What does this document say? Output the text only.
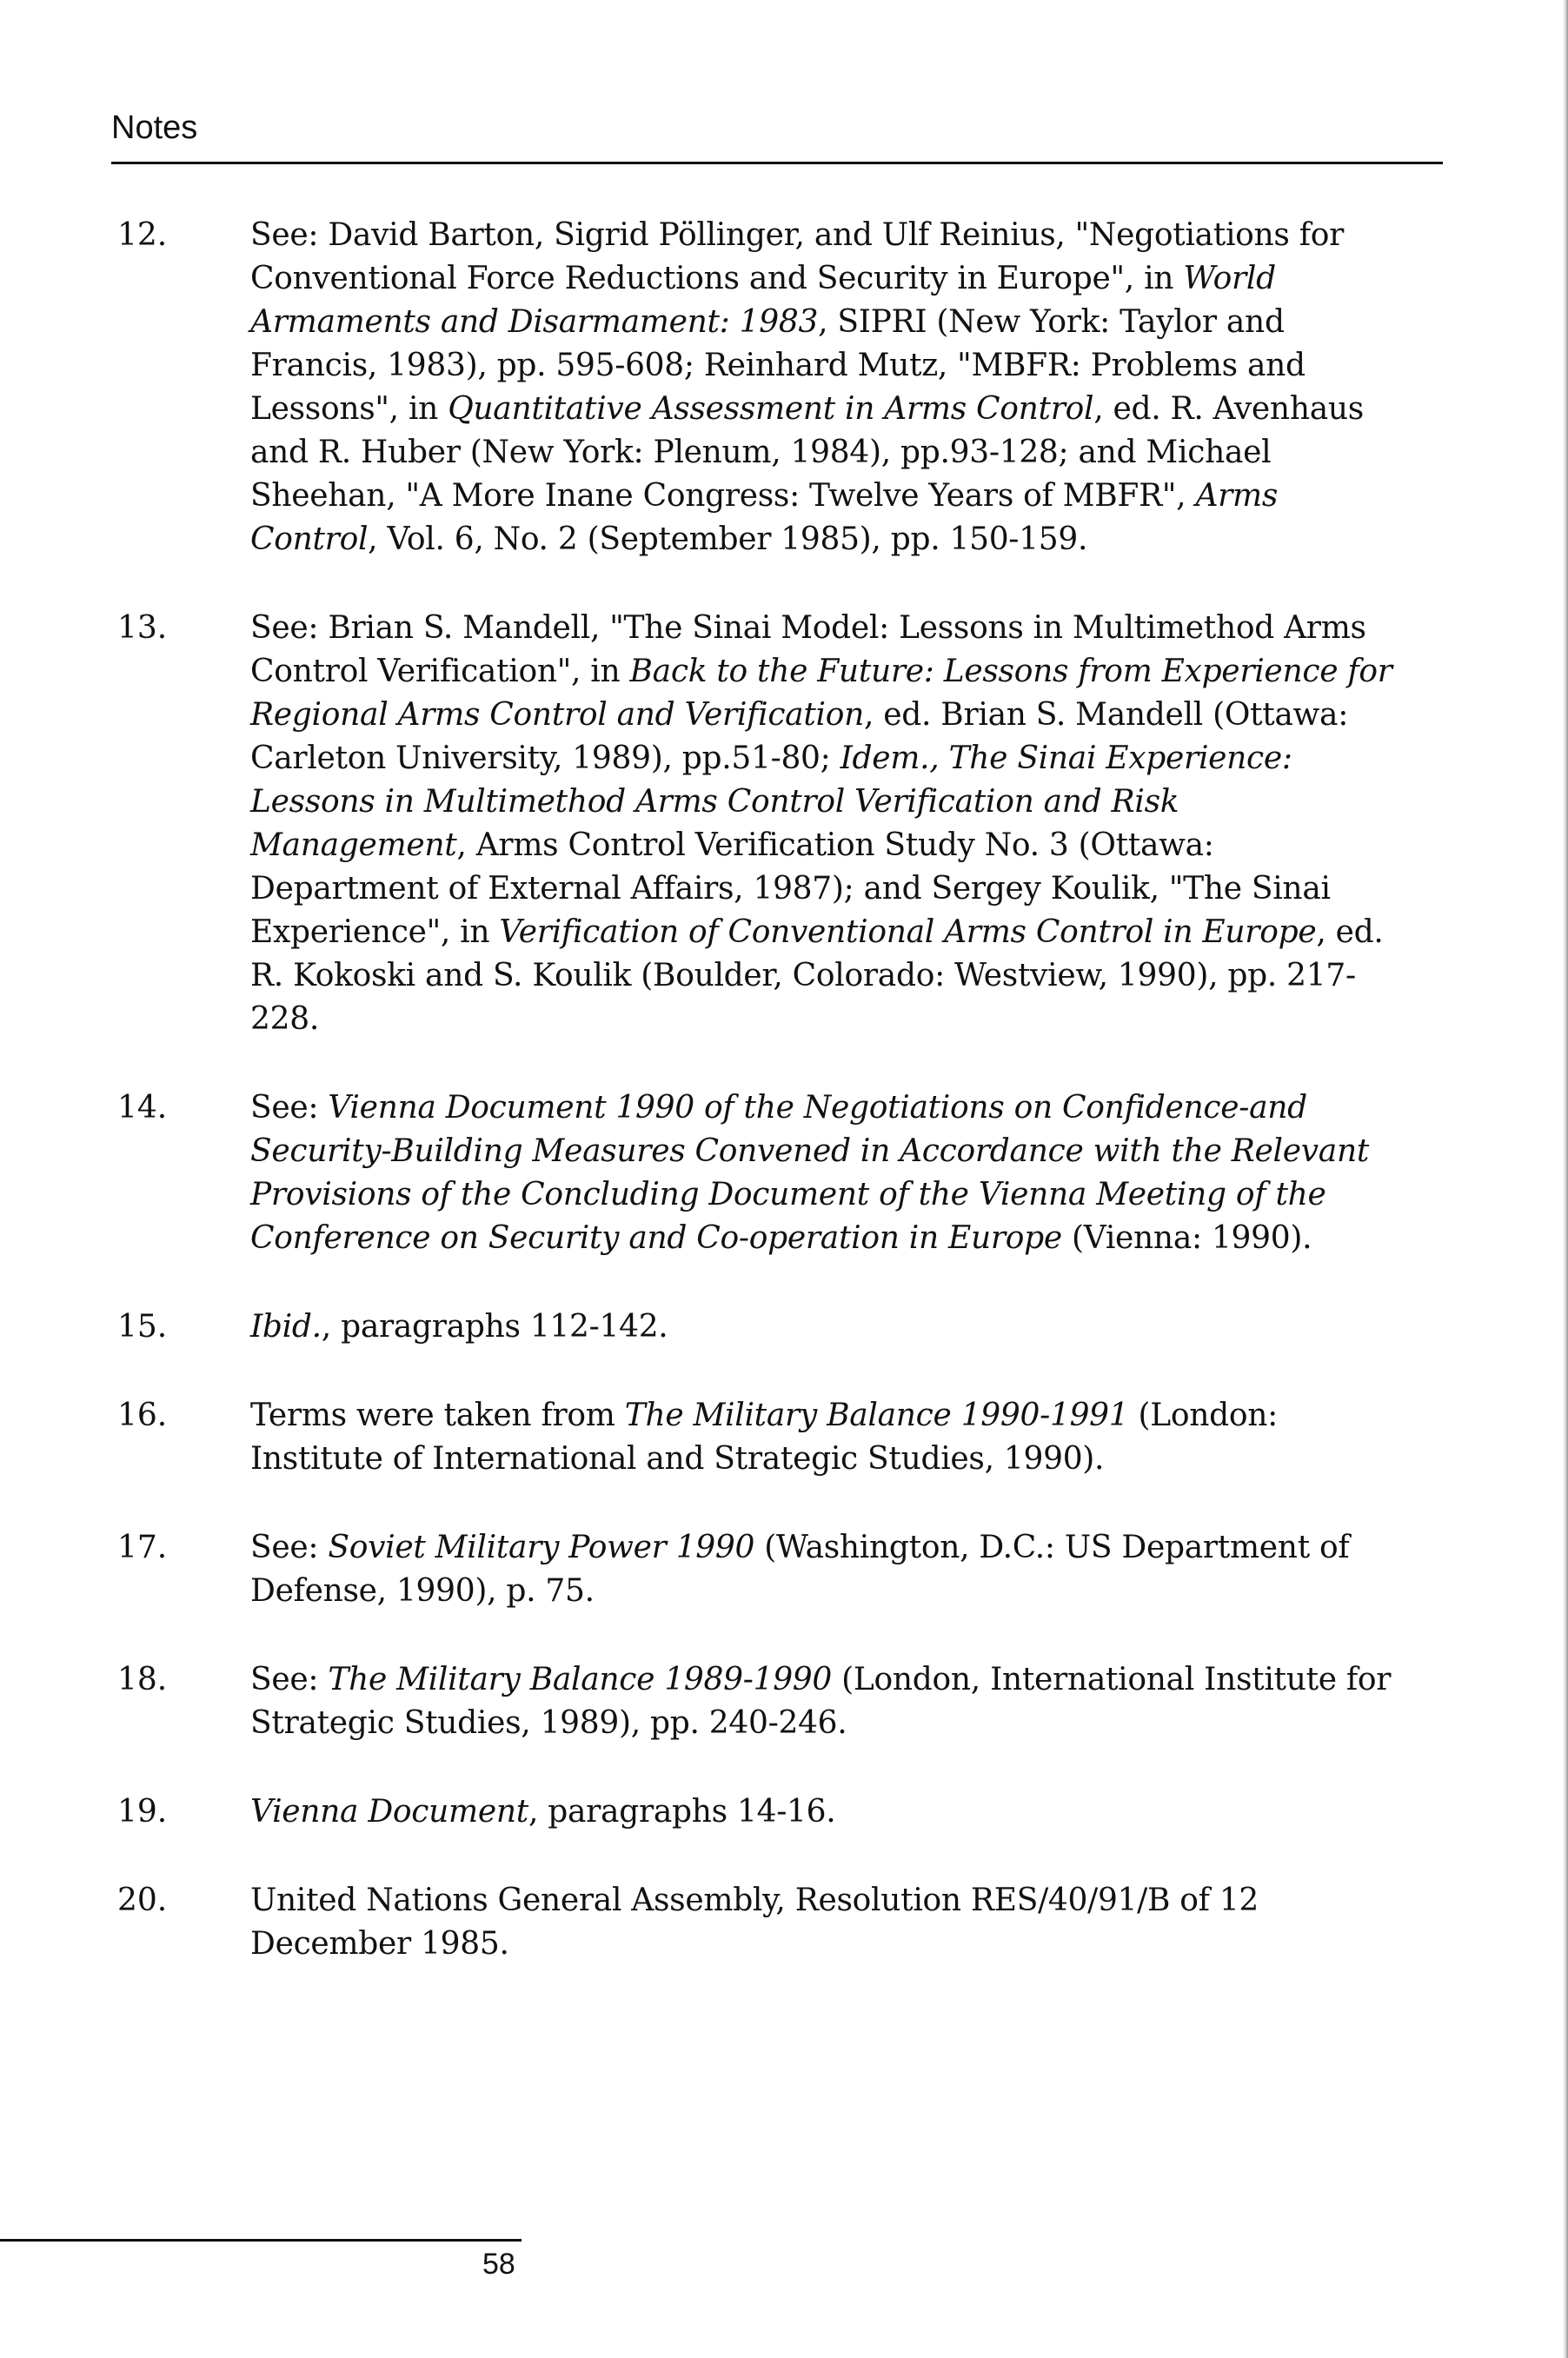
Notes
12.	See: David Barton, Sigrid Pöllinger, and Ulf Reinius, "Negotiations for Conventional Force Reductions and Security in Europe", in World Armaments and Disarmament: 1983, SIPRI (New York: Taylor and Francis, 1983), pp. 595-608; Reinhard Mutz, "MBFR: Problems and Lessons", in Quantitative Assessment in Arms Control, ed. R. Avenhaus and R. Huber (New York: Plenum, 1984), pp.93-128; and Michael Sheehan, "A More Inane Congress: Twelve Years of MBFR", Arms Control, Vol. 6, No. 2 (September 1985), pp. 150-159.
13.	See: Brian S. Mandell, "The Sinai Model: Lessons in Multimethod Arms Control Verification", in Back to the Future: Lessons from Experience for Regional Arms Control and Verification, ed. Brian S. Mandell (Ottawa: Carleton University, 1989), pp.51-80; Idem., The Sinai Experience: Lessons in Multimethod Arms Control Verification and Risk Management, Arms Control Verification Study No. 3 (Ottawa: Department of External Affairs, 1987); and Sergey Koulik, "The Sinai Experience", in Verification of Conventional Arms Control in Europe, ed. R. Kokoski and S. Koulik (Boulder, Colorado: Westview, 1990), pp. 217-228.
14.	See: Vienna Document 1990 of the Negotiations on Confidence-and Security-Building Measures Convened in Accordance with the Relevant Provisions of the Concluding Document of the Vienna Meeting of the Conference on Security and Co-operation in Europe (Vienna: 1990).
15.	Ibid., paragraphs 112-142.
16.	Terms were taken from The Military Balance 1990-1991 (London: Institute of International and Strategic Studies, 1990).
17.	See: Soviet Military Power 1990 (Washington, D.C.: US Department of Defense, 1990), p. 75.
18.	See: The Military Balance 1989-1990 (London, International Institute for Strategic Studies, 1989), pp. 240-246.
19.	Vienna Document, paragraphs 14-16.
20.	United Nations General Assembly, Resolution RES/40/91/B of 12 December 1985.
58
